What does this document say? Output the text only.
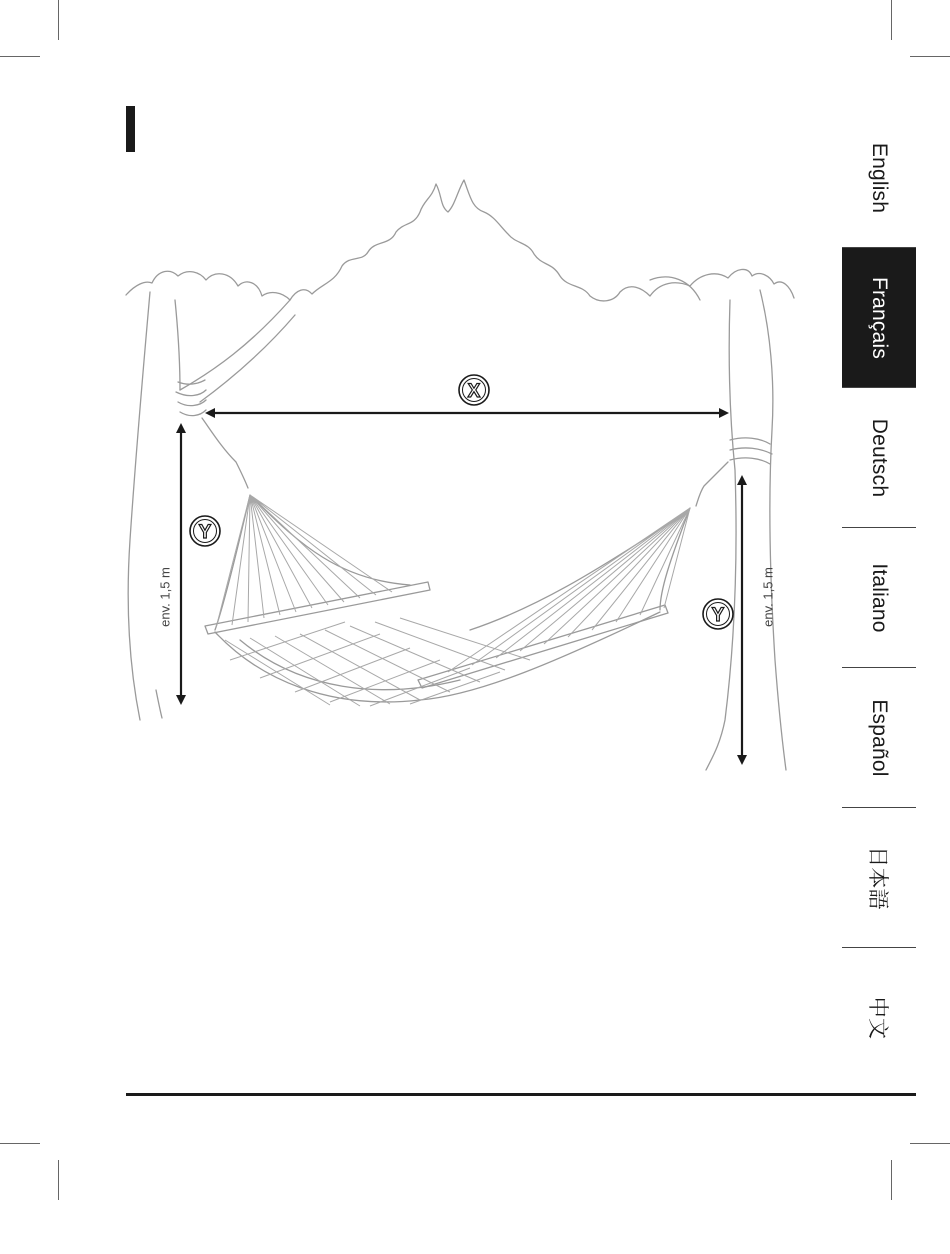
X
Y
Y
env. 1,5 m	env. 1,5 m
English
Français
Deutsch
Italiano
Español
日本語
中文
